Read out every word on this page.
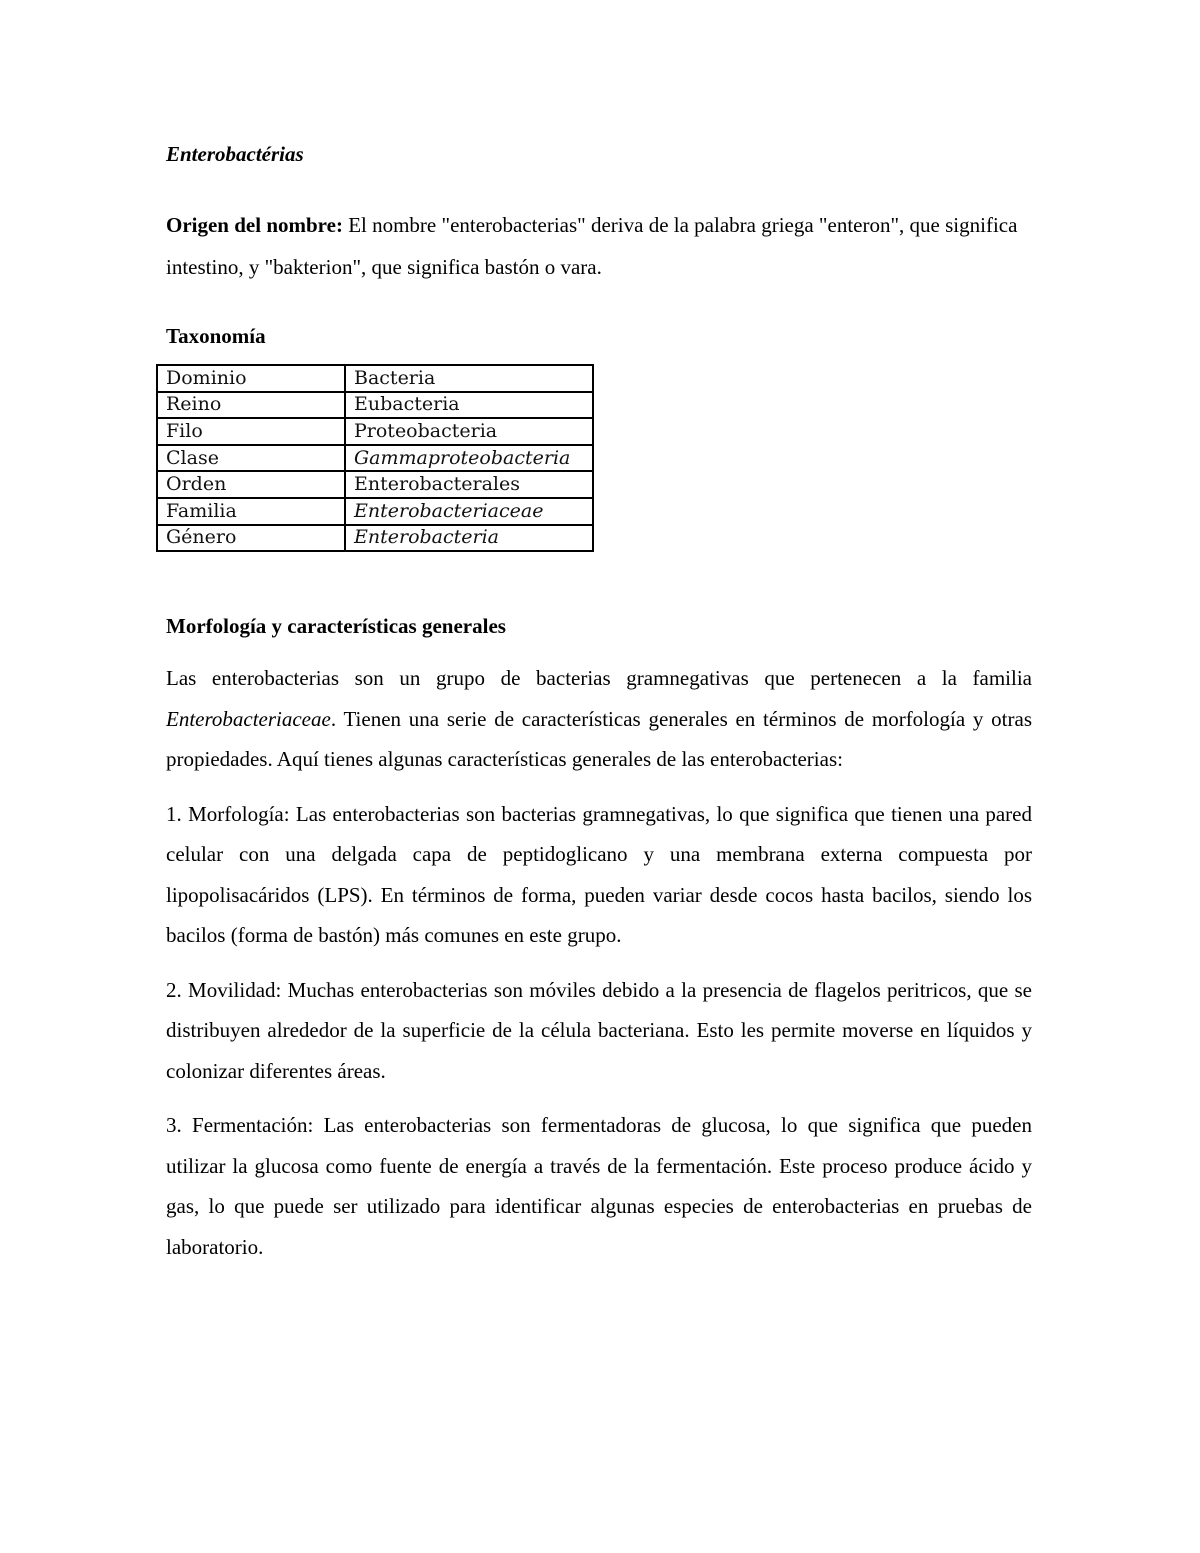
Enterobactérias

Origen del nombre: El nombre "enterobacterias" deriva de la palabra griega "enteron", que significa intestino, y "bakterion", que significa bastón o vara.

Taxonomía

Dominio	Bacteria
Reino	Eubacteria
Filo	Proteobacteria
Clase	Gammaproteobacteria
Orden	Enterobacterales
Familia	Enterobacteriaceae
Género	Enterobacteria

Morfología y características generales

Las enterobacterias son un grupo de bacterias gramnegativas que pertenecen a la familia Enterobacteriaceae. Tienen una serie de características generales en términos de morfología y otras propiedades. Aquí tienes algunas características generales de las enterobacterias:

1. Morfología: Las enterobacterias son bacterias gramnegativas, lo que significa que tienen una pared celular con una delgada capa de peptidoglicano y una membrana externa compuesta por lipopolisacáridos (LPS). En términos de forma, pueden variar desde cocos hasta bacilos, siendo los bacilos (forma de bastón) más comunes en este grupo.

2. Movilidad: Muchas enterobacterias son móviles debido a la presencia de flagelos peritricos, que se distribuyen alrededor de la superficie de la célula bacteriana. Esto les permite moverse en líquidos y colonizar diferentes áreas.

3. Fermentación: Las enterobacterias son fermentadoras de glucosa, lo que significa que pueden utilizar la glucosa como fuente de energía a través de la fermentación. Este proceso produce ácido y gas, lo que puede ser utilizado para identificar algunas especies de enterobacterias en pruebas de laboratorio.
